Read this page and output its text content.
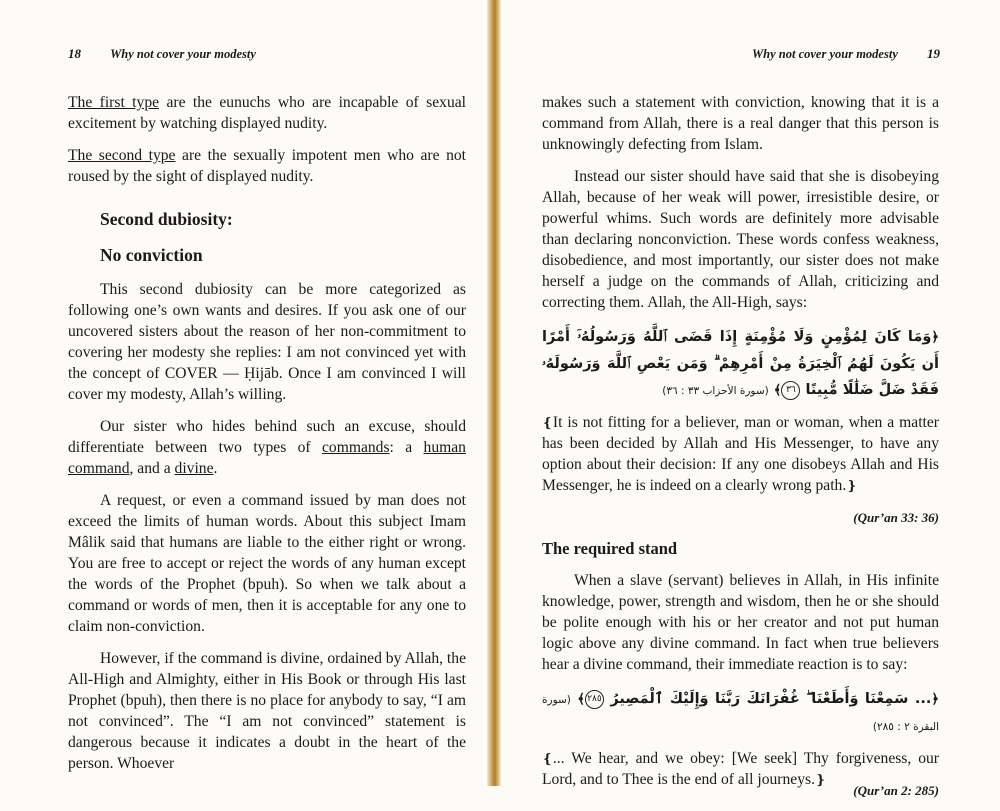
18 Why not cover your modesty

The first type are the eunuchs who are incapable of sexual excitement by watching displayed nudity.

The second type are the sexually impotent men who are not roused by the sight of displayed nudity.

Second dubiosity:

No conviction

This second dubiosity can be more categorized as following one’s own wants and desires. If you ask one of our uncovered sisters about the reason of her non-commitment to covering her modesty she replies: I am not convinced yet with the concept of COVER — Ḥijāb. Once I am convinced I will cover my modesty, Allah’s willing.

Our sister who hides behind such an excuse, should differentiate between two types of commands: a human command, and a divine.

A request, or even a command issued by man does not exceed the limits of human words. About this subject Imam Mâlik said that humans are liable to the either right or wrong. You are free to accept or reject the words of any human except the words of the Prophet (bpuh). So when we talk about a command or words of men, then it is acceptable for any one to claim non-conviction.

However, if the command is divine, ordained by Allah, the All-High and Almighty, either in His Book or through His last Prophet (bpuh), then there is no place for anybody to say, “I am not convinced”. The “I am not convinced” statement is dangerous because it indicates a doubt in the heart of the person. Whoever

Why not cover your modesty 19

makes such a statement with conviction, knowing that it is a command from Allah, there is a real danger that this person is unknowingly defecting from Islam.

Instead our sister should have said that she is disobeying Allah, because of her weak will power, irresistible desire, or powerful whims. Such words are definitely more advisable than declaring nonconviction. These words confess weakness, disobedience, and most importantly, our sister does not make herself a judge on the commands of Allah, criticizing and correcting them. Allah, the All-High, says:

﴿وَمَا كَانَ لِمُؤْمِنٍ وَلَا مُؤْمِنَةٍ إِذَا قَضَى ٱللَّهُ وَرَسُولُهُۥٓ أَمْرًا أَن يَكُونَ لَهُمُ ٱلْخِيَرَةُ مِنْ أَمْرِهِمْ ۗ وَمَن يَعْصِ ٱللَّهَ وَرَسُولَهُۥ فَقَدْ ضَلَّ ضَلَٰلًا مُّبِينًا ٣٦﴾ (سورة الأحزاب ٣٣ : ٣٦)

❴It is not fitting for a believer, man or woman, when a matter has been decided by Allah and His Messenger, to have any option about their decision: If any one disobeys Allah and His Messenger, he is indeed on a clearly wrong path.❵

(Qur’an 33: 36)

The required stand

When a slave (servant) believes in Allah, in His infinite knowledge, power, strength and wisdom, then he or she should be polite enough with his or her creator and not put human logic above any divine command. In fact when true believers hear a divine command, their immediate reaction is to say:

﴿... سَمِعْنَا وَأَطَعْنَا ۖ غُفْرَانَكَ رَبَّنَا وَإِلَيْكَ ٱلْمَصِيرُ ٢٨٥﴾ (سورة البقرة ٢ : ٢٨٥)

❴... We hear, and we obey: [We seek] Thy forgiveness, our Lord, and to Thee is the end of all journeys.❵

(Qur’an 2: 285)
